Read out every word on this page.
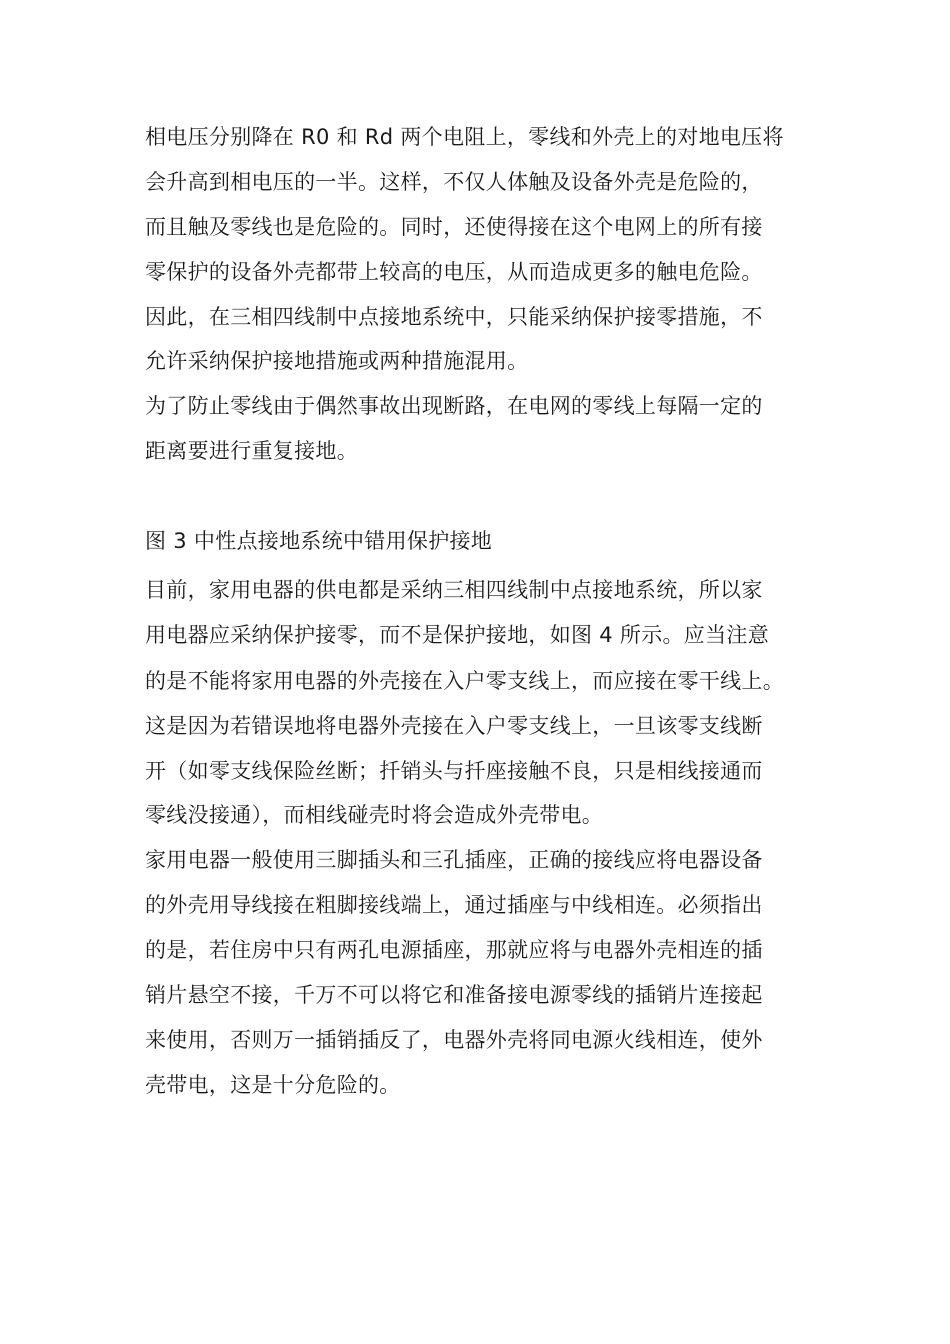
相电压分别降在 R0 和 Rd 两个电阻上，零线和外壳上的对地电压将
会升高到相电压的一半。这样，不仅人体触及设备外壳是危险的，
而且触及零线也是危险的。同时，还使得接在这个电网上的所有接
零保护的设备外壳都带上较高的电压，从而造成更多的触电危险。
因此，在三相四线制中点接地系统中，只能采纳保护接零措施，不
允许采纳保护接地措施或两种措施混用。
为了防止零线由于偶然事故出现断路，在电网的零线上每隔一定的
距离要进行重复接地。
图 3 中性点接地系统中错用保护接地
目前，家用电器的供电都是采纳三相四线制中点接地系统，所以家
用电器应采纳保护接零，而不是保护接地，如图 4 所示。应当注意
的是不能将家用电器的外壳接在入户零支线上，而应接在零干线上。
这是因为若错误地将电器外壳接在入户零支线上，一旦该零支线断
开（如零支线保险丝断；扦销头与扦座接触不良，只是相线接通而
零线没接通），而相线碰壳时将会造成外壳带电。
家用电器一般使用三脚插头和三孔插座，正确的接线应将电器设备
的外壳用导线接在粗脚接线端上，通过插座与中线相连。必须指出
的是，若住房中只有两孔电源插座，那就应将与电器外壳相连的插
销片悬空不接，千万不可以将它和准备接电源零线的插销片连接起
来使用，否则万一插销插反了，电器外壳将同电源火线相连，使外
壳带电，这是十分危险的。
